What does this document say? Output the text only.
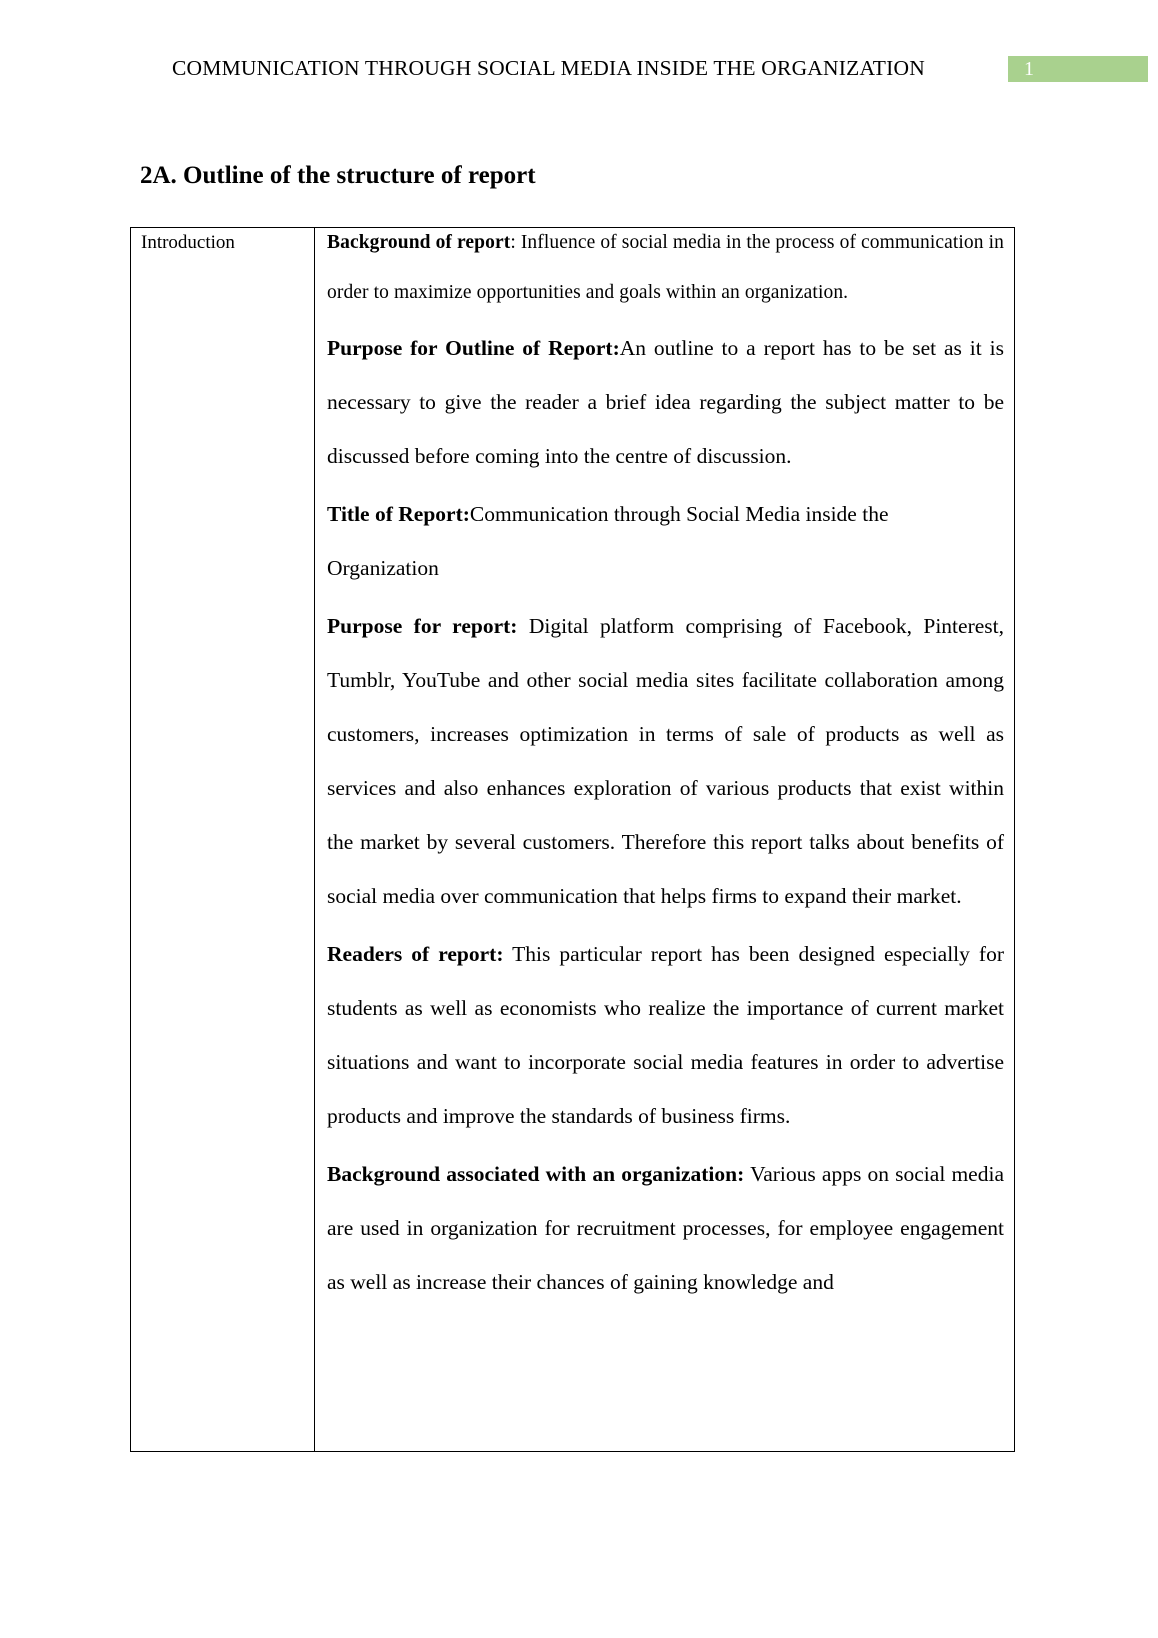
COMMUNICATION THROUGH SOCIAL MEDIA INSIDE THE ORGANIZATION	1
2A. Outline of the structure of report
Introduction	Background of report: Influence of social media in the process of communication in order to maximize opportunities and goals within an organization.

Purpose for Outline of Report:An outline to a report has to be set as it is necessary to give the reader a brief idea regarding the subject matter to be discussed before coming into the centre of discussion.

Title of Report:Communication through Social Media inside the Organization

Purpose for report: Digital platform comprising of Facebook, Pinterest, Tumblr, YouTube and other social media sites facilitate collaboration among customers, increases optimization in terms of sale of products as well as services and also enhances exploration of various products that exist within the market by several customers. Therefore this report talks about benefits of social media over communication that helps firms to expand their market.

Readers of report: This particular report has been designed especially for students as well as economists who realize the importance of current market situations and want to incorporate social media features in order to advertise products and improve the standards of business firms.

Background associated with an organization: Various apps on social media are used in organization for recruitment processes, for employee engagement as well as increase their chances of gaining knowledge and
